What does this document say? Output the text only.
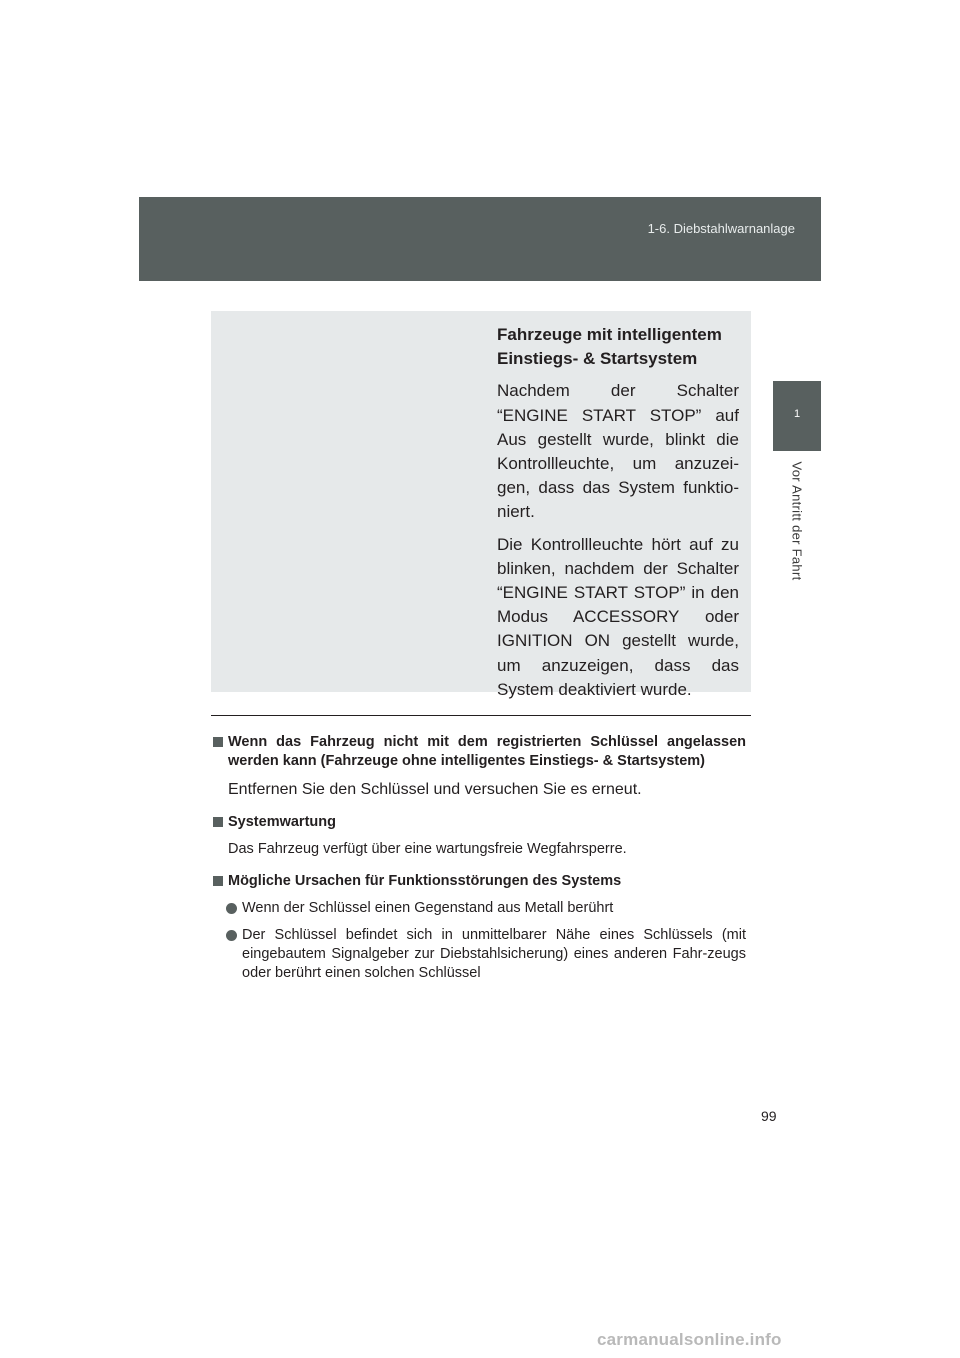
1-6. Diebstahlwarnanlage
1
Vor Antritt der Fahrt

Fahrzeuge mit intelligentem Einstiegs- & Startsystem

Nachdem der Schalter “ENGINE START STOP” auf Aus gestellt wurde, blinkt die Kontrollleuchte, um anzuzei-gen, dass das System funktio-niert.

Die Kontrollleuchte hört auf zu blinken, nachdem der Schalter “ENGINE START STOP” in den Modus ACCESSORY oder IGNITION ON gestellt wurde, um anzuzeigen, dass das System deaktiviert wurde.

Wenn das Fahrzeug nicht mit dem registrierten Schlüssel angelassen werden kann (Fahrzeuge ohne intelligentes Einstiegs- & Startsystem)

Entfernen Sie den Schlüssel und versuchen Sie es erneut.

Systemwartung

Das Fahrzeug verfügt über eine wartungsfreie Wegfahrsperre.

Mögliche Ursachen für Funktionsstörungen des Systems

Wenn der Schlüssel einen Gegenstand aus Metall berührt

Der Schlüssel befindet sich in unmittelbarer Nähe eines Schlüssels (mit eingebautem Signalgeber zur Diebstahlsicherung) eines anderen Fahr-zeugs oder berührt einen solchen Schlüssel

99
carmanualsonline.info
